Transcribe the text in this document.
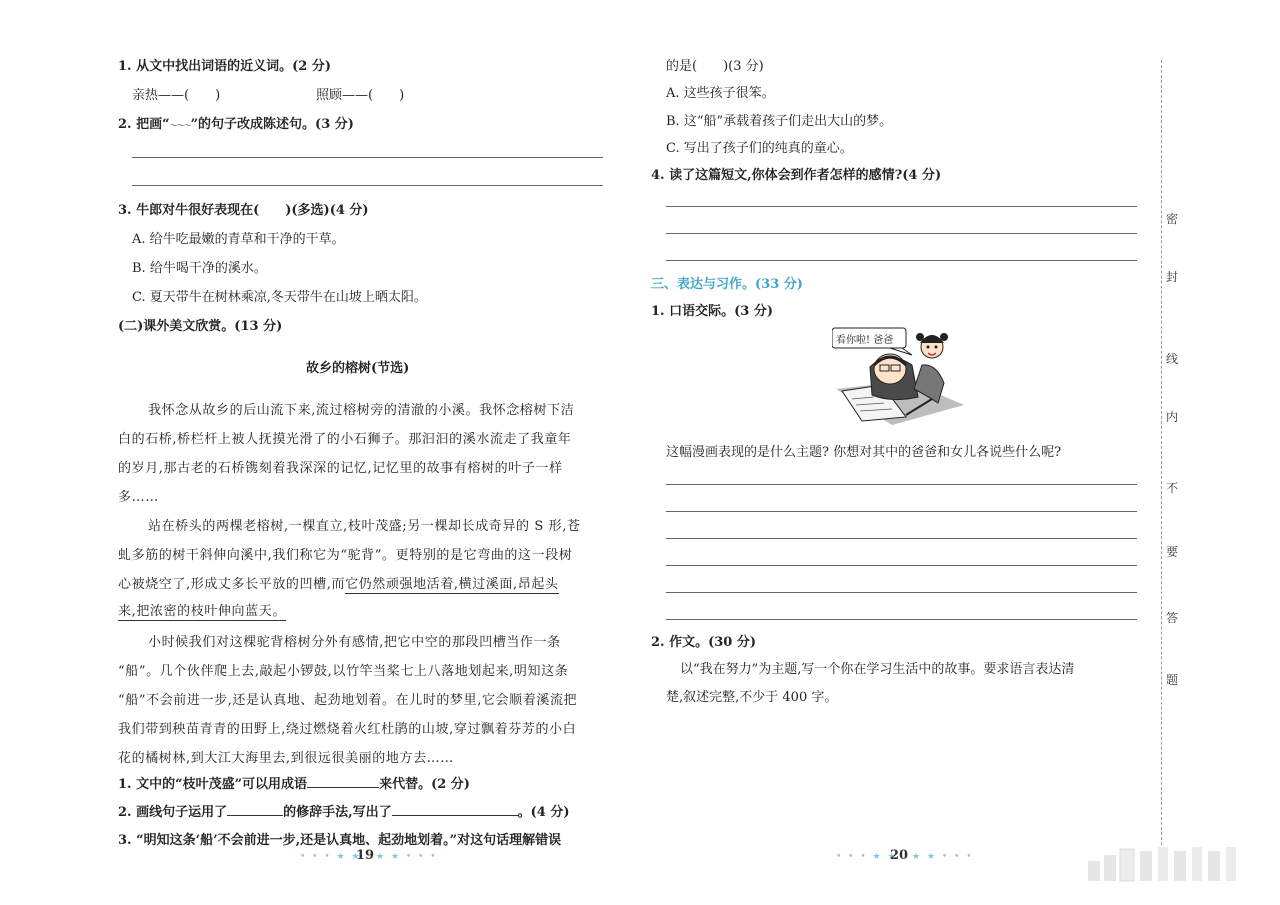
1. 从文中找出词语的近义词。(2 分)
亲热——(　　)	照顾——(　　)
2. 把画“～～～”的句子改成陈述句。(3 分)
3. 牛郎对牛很好表现在(　　)(多选)(4 分)
A. 给牛吃最嫩的青草和干净的干草。
B. 给牛喝干净的溪水。
C. 夏天带牛在树林乘凉,冬天带牛在山坡上晒太阳。
(二)课外美文欣赏。(13 分)
故乡的榕树(节选)
我怀念从故乡的后山流下来,流过榕树旁的清澈的小溪。我怀念榕树下洁
白的石桥,桥栏杆上被人抚摸光滑了的小石狮子。那汩汩的溪水流走了我童年
的岁月,那古老的石桥镌刻着我深深的记忆,记忆里的故事有榕树的叶子一样
多……
站在桥头的两棵老榕树,一棵直立,枝叶茂盛;另一棵却长成奇异的 S 形,苍
虬多筋的树干斜伸向溪中,我们称它为“驼背”。更特别的是它弯曲的这一段树
心被烧空了,形成丈多长平放的凹槽,而它仍然顽强地活着,横过溪面,昂起头
来,把浓密的枝叶伸向蓝天。
小时候我们对这棵驼背榕树分外有感情,把它中空的那段凹槽当作一条
“船”。几个伙伴爬上去,敲起小锣鼓,以竹竿当桨七上八落地划起来,明知这条
“船”不会前进一步,还是认真地、起劲地划着。在儿时的梦里,它会顺着溪流把
我们带到秧苗青青的田野上,绕过燃烧着火红杜鹃的山坡,穿过飘着芬芳的小白
花的橘树林,到大江大海里去,到很远很美丽的地方去……
1. 文中的“枝叶茂盛”可以用成语	来代替。(2 分)
2. 画线句子运用了	的修辞手法,写出了	。(4 分)
3. “明知这条‘船’不会前进一步,还是认真地、起劲地划着。”对这句话理解错误
• • • ★ ★
19 ★ ★ • • •
的是(　　)(3 分)
A. 这些孩子很笨。
B. 这“船”承载着孩子们走出大山的梦。
C. 写出了孩子们的纯真的童心。
4. 读了这篇短文,你体会到作者怎样的感情?(4 分)
三、表达与习作。(33 分)
1. 口语交际。(3 分)
看你啦! 爸爸
这幅漫画表现的是什么主题? 你想对其中的爸爸和女儿各说些什么呢?
2. 作文。(30 分)
以“我在努力”为主题,写一个你在学习生活中的故事。要求语言表达清
楚,叙述完整,不少于 400 字。
• • • ★ ★
20 ★ ★ • • •
密
封
线
内
不
要
答
题
